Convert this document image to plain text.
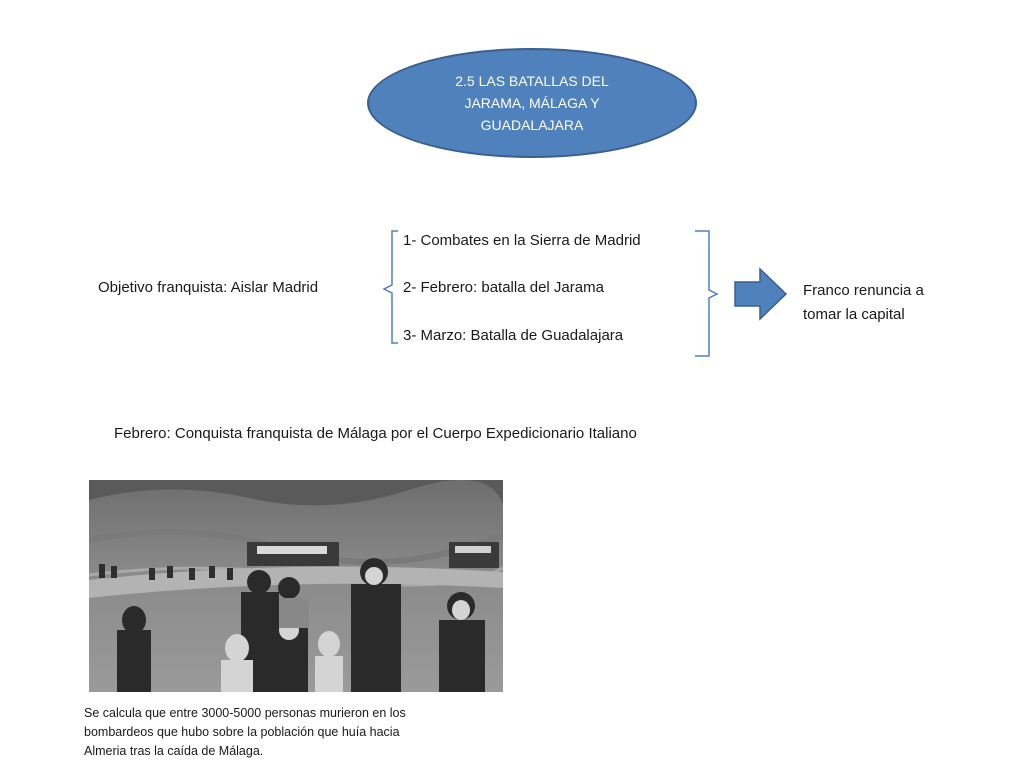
2.5 LAS BATALLAS DEL
JARAMA, MÁLAGA Y
GUADALAJARA
Objetivo franquista: Aislar Madrid
1- Combates en la Sierra de Madrid
2- Febrero: batalla del Jarama
3- Marzo: Batalla de Guadalajara
Franco renuncia a
tomar la capital
Febrero: Conquista franquista de Málaga por el Cuerpo Expedicionario Italiano
Se calcula que entre 3000-5000 personas murieron en los
bombardeos que hubo sobre la población que huía hacia
Almeria tras la caída de Málaga.
